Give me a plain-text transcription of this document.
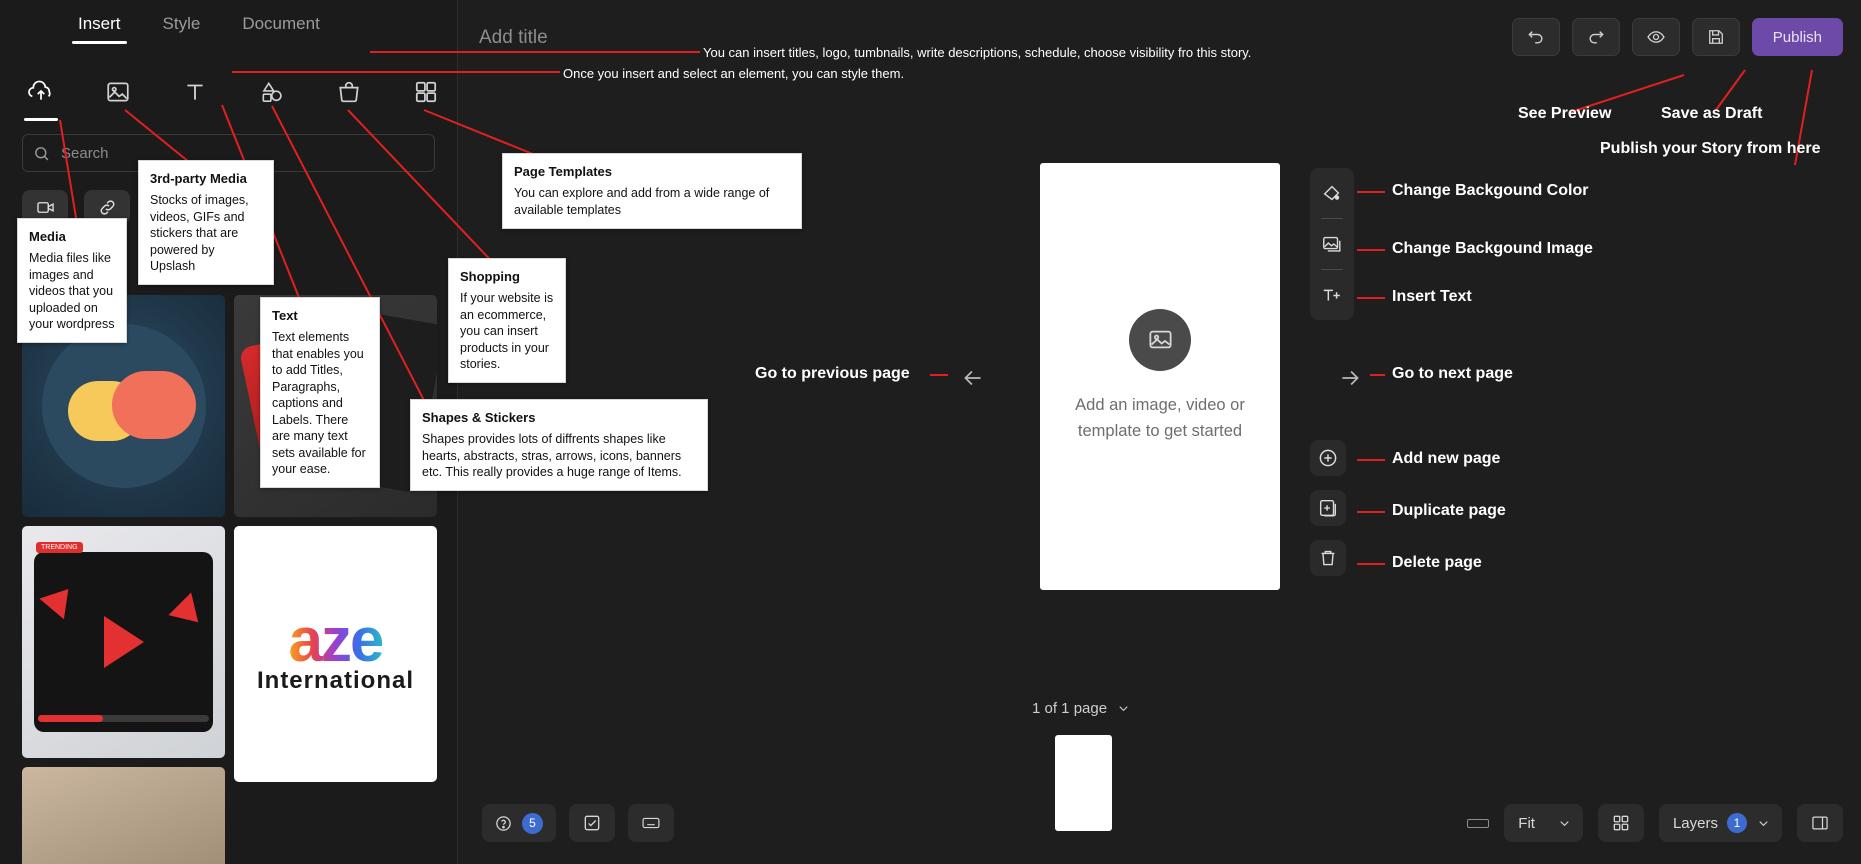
Insert Style Document
Search
TRENDING
aze
International
Add title
Publish
Add an image, video or template to get started
1 of 1 page
5	Fit	Layers	1
You can insert titles, logo, tumbnails, write descriptions, schedule, choose visibility fro this story.
Once you insert and select an element, you can style them.
See Preview	Save as Draft
Publish your Story from here
Change Backgound Color
Change Backgound Image
Insert Text
Go to previous page	Go to next page
Add new page
Duplicate page
Delete page
Media
Media files like images and videos that you uploaded on your wordpress
3rd-party Media
Stocks of images, videos, GIFs and stickers that are powered by Upslash
Text
Text elements that enables you to add Titles, Paragraphs, captions and Labels. There are many text sets available for your ease.
Shapes & Stickers
Shapes provides lots of diffrents shapes like hearts, abstracts, stras, arrows, icons, banners etc. This really provides a huge range of Items.
Shopping
If your website is an ecommerce, you can insert products in your stories.
Page Templates
You can explore and add from a wide range of available templates
